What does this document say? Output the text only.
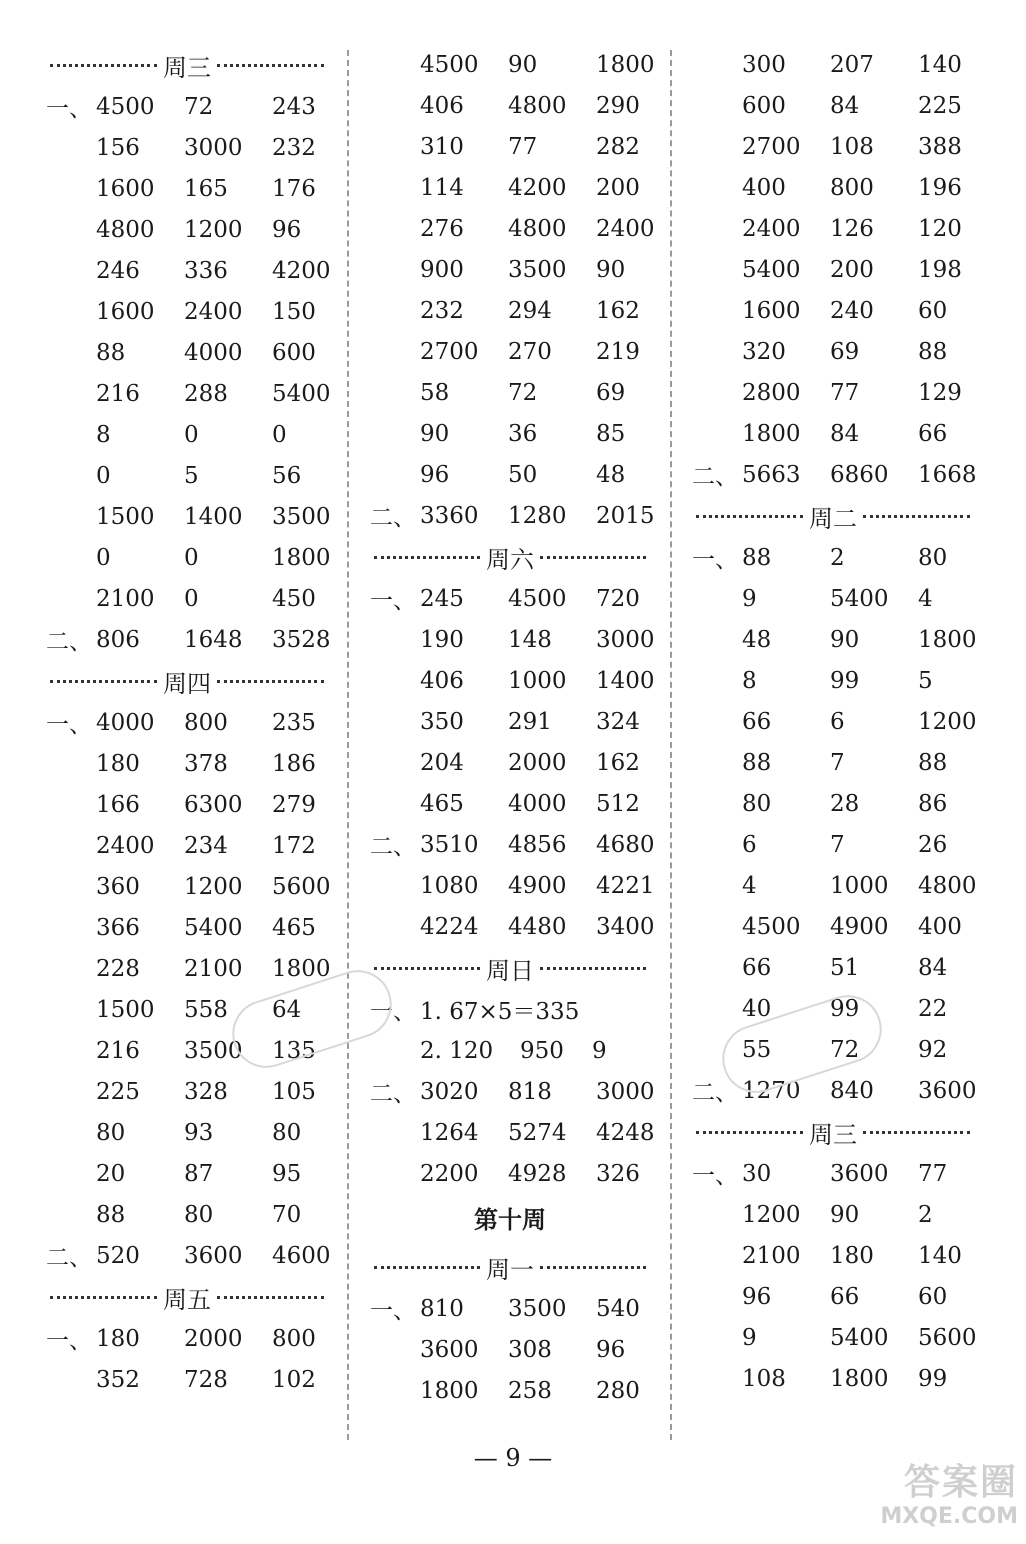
周三
一、 4500	72	243
156	3000	232
1600	165	176
4800	1200	96
246	336	4200
1600	2400	150
88	4000	600
216	288	5400
8	0	0
0	5	56
1500	1400	3500
0	0	1800
2100	0	450
二、 806	1648	3528
周四
一、 4000	800	235
180	378	186
166	6300	279
2400	234	172
360	1200	5600
366	5400	465
228	2100	1800
1500	558	64
216	3500	135
225	328	105
80	93	80
20	87	95
88	80	70
二、 520	3600	4600
周五
一、 180	2000	800
352	728	102
4500	90	1800
406	4800	290
310	77	282
114	4200	200
276	4800	2400
900	3500	90
232	294	162
2700	270	219
58	72	69
90	36	85
96	50	48
二、 3360	1280	2015
周六
一、 245	4500	720
190	148	3000
406	1000	1400
350	291	324
204	2000	162
465	4000	512
二、 3510	4856	4680
1080	4900	4221
4224	4480	3400
周日
一、 1. 67×5＝335
2. 120	950	9
二、 3020	818	3000
1264	5274	4248
2200	4928	326
第十周
周一
一、 810	3500	540
3600	308	96
1800	258	280
300	207	140
600	84	225
2700	108	388
400	800	196
2400	126	120
5400	200	198
1600	240	60
320	69	88
2800	77	129
1800	84	66
二、 5663	6860	1668
周二
一、 88	2	80
9	5400	4
48	90	1800
8	99	5
66	6	1200
88	7	88
80	28	86
6	7	26
4	1000	4800
4500	4900	400
66	51	84
40	99	22
55	72	92
二、 1270	840	3600
周三
一、 30	3600	77
1200	90	2
2100	180	140
96	66	60
9	5400	5600
108	1800	99
— 9 —
答案圈
MXQE.COM
